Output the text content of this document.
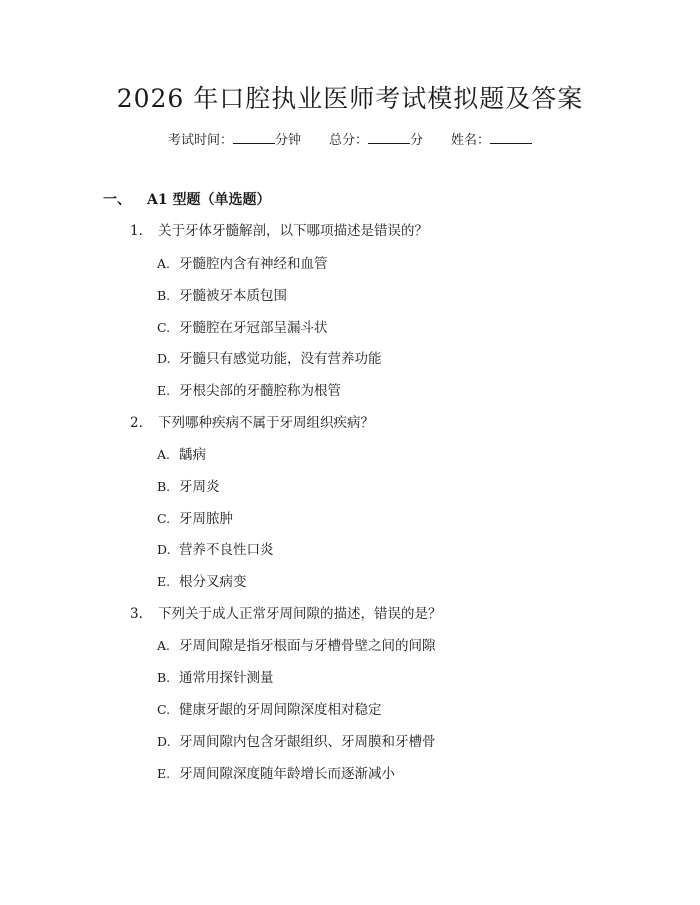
2026 年口腔执业医师考试模拟题及答案
考试时间：	分钟 总分：	分 姓名：
一、 A1 型题（单选题）
1. 关于牙体牙髓解剖，以下哪项描述是错误的？
A. 牙髓腔内含有神经和血管
B. 牙髓被牙本质包围
C. 牙髓腔在牙冠部呈漏斗状
D. 牙髓只有感觉功能，没有营养功能
E. 牙根尖部的牙髓腔称为根管
2. 下列哪种疾病不属于牙周组织疾病？
A. 龋病
B. 牙周炎
C. 牙周脓肿
D. 营养不良性口炎
E. 根分叉病变
3. 下列关于成人正常牙周间隙的描述，错误的是？
A. 牙周间隙是指牙根面与牙槽骨壁之间的间隙
B. 通常用探针测量
C. 健康牙龈的牙周间隙深度相对稳定
D. 牙周间隙内包含牙龈组织、牙周膜和牙槽骨
E. 牙周间隙深度随年龄增长而逐渐减小
